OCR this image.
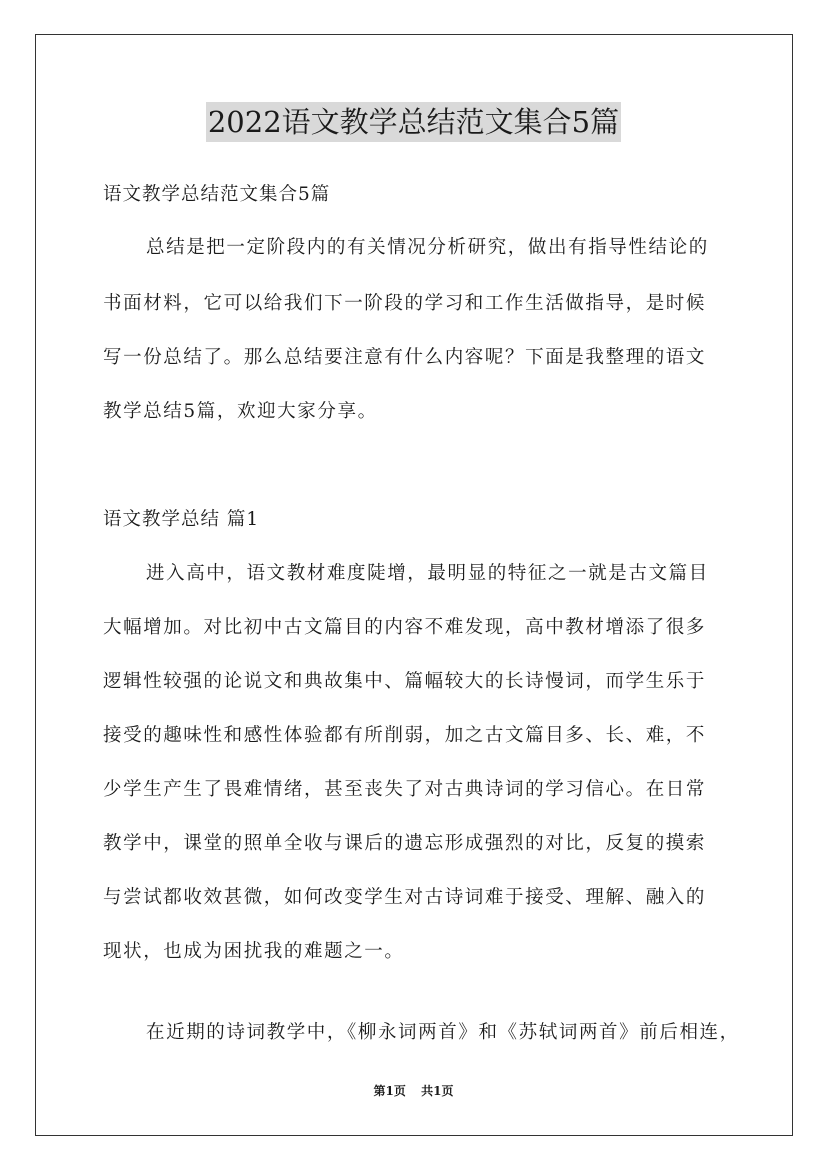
2022语文教学总结范文集合5篇
语文教学总结范文集合5篇
总结是把一定阶段内的有关情况分析研究，做出有指导性结论的
书面材料，它可以给我们下一阶段的学习和工作生活做指导，是时候
写一份总结了。那么总结要注意有什么内容呢？下面是我整理的语文
教学总结5篇，欢迎大家分享。
语文教学总结 篇1
进入高中，语文教材难度陡增，最明显的特征之一就是古文篇目
大幅增加。对比初中古文篇目的内容不难发现，高中教材增添了很多
逻辑性较强的论说文和典故集中、篇幅较大的长诗慢词，而学生乐于
接受的趣味性和感性体验都有所削弱，加之古文篇目多、长、难，不
少学生产生了畏难情绪，甚至丧失了对古典诗词的学习信心。在日常
教学中，课堂的照单全收与课后的遗忘形成强烈的对比，反复的摸索
与尝试都收效甚微，如何改变学生对古诗词难于接受、理解、融入的
现状，也成为困扰我的难题之一。
在近期的诗词教学中，《柳永词两首》和《苏轼词两首》前后相连，
第1页 共1页
